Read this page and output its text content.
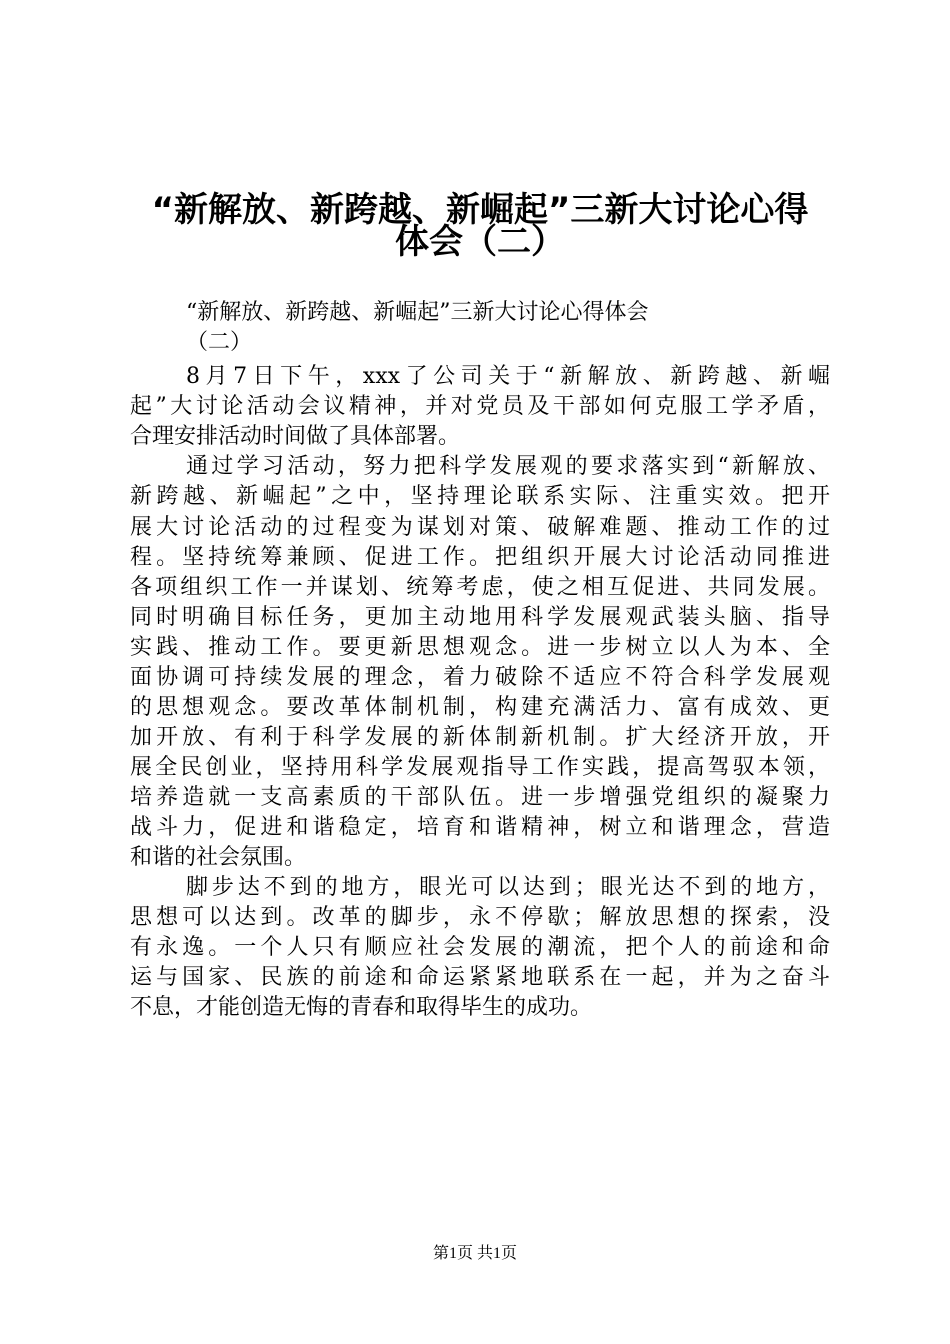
“新解放、新跨越、新崛起”三新大讨论心得
体会（二）
“新解放、新跨越、新崛起”三新大讨论心得体会
（二）
8月7日下午，xxx了公司关于“新解放、新跨越、新崛
起”大讨论活动会议精神，并对党员及干部如何克服工学矛盾，
合理安排活动时间做了具体部署。
通过学习活动，努力把科学发展观的要求落实到“新解放、
新跨越、新崛起”之中，坚持理论联系实际、注重实效。把开
展大讨论活动的过程变为谋划对策、破解难题、推动工作的过
程。坚持统筹兼顾、促进工作。把组织开展大讨论活动同推进
各项组织工作一并谋划、统筹考虑，使之相互促进、共同发展。
同时明确目标任务，更加主动地用科学发展观武装头脑、指导
实践、推动工作。要更新思想观念。进一步树立以人为本、全
面协调可持续发展的理念，着力破除不适应不符合科学发展观
的思想观念。要改革体制机制，构建充满活力、富有成效、更
加开放、有利于科学发展的新体制新机制。扩大经济开放，开
展全民创业，坚持用科学发展观指导工作实践，提高驾驭本领，
培养造就一支高素质的干部队伍。进一步增强党组织的凝聚力
战斗力，促进和谐稳定，培育和谐精神，树立和谐理念，营造
和谐的社会氛围。
脚步达不到的地方，眼光可以达到；眼光达不到的地方，
思想可以达到。改革的脚步，永不停歇；解放思想的探索，没
有永逸。一个人只有顺应社会发展的潮流，把个人的前途和命
运与国家、民族的前途和命运紧紧地联系在一起，并为之奋斗
不息，才能创造无悔的青春和取得毕生的成功。
第1页 共1页
